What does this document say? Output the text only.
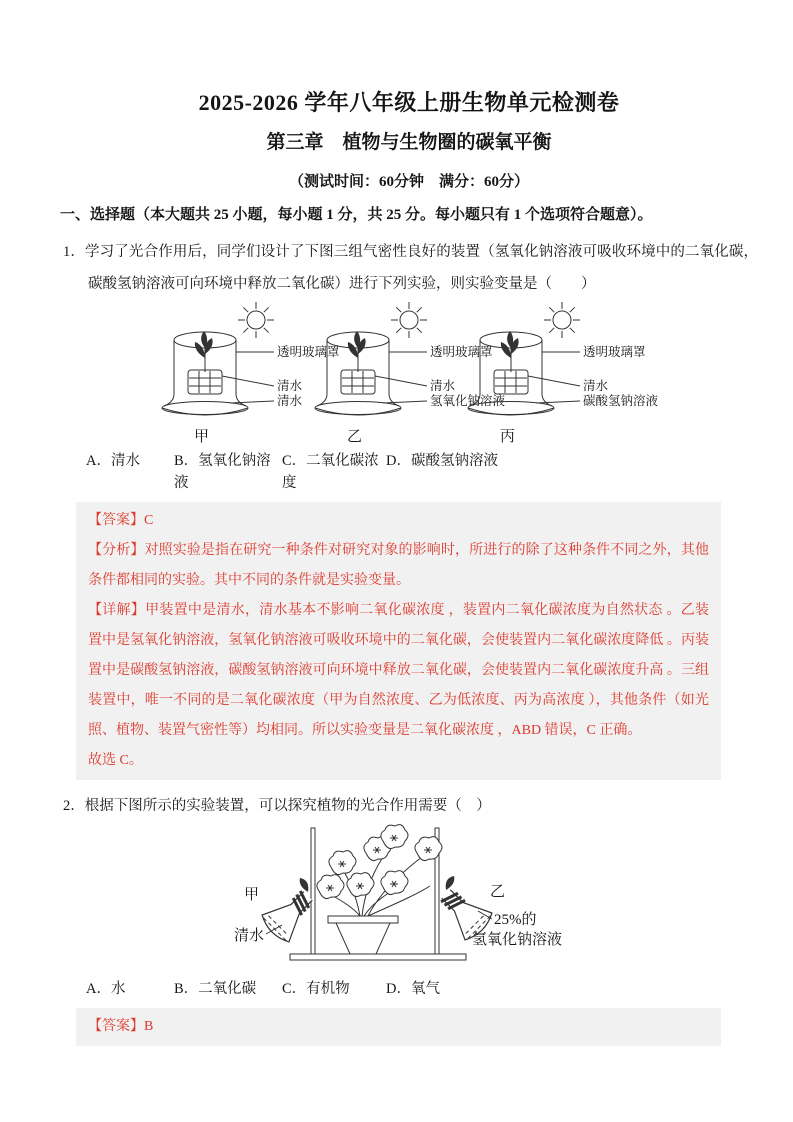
2025-2026 学年八年级上册生物单元检测卷
第三章　植物与生物圈的碳氧平衡
（测试时间：60分钟　满分：60分）
一、选择题（本大题共 25 小题，每小题 1 分，共 25 分。每小题只有 1 个选项符合题意）。

1．学习了光合作用后，同学们设计了下图三组气密性良好的装置（氢氧化钠溶液可吸收环境中的二氧化碳，碳酸氢钠溶液可向环境中释放二氧化碳）进行下列实验，则实验变量是（　　）

透明玻璃罩
清水
清水
甲
透明玻璃罩
清水
氢氧化钠溶液
乙
透明玻璃罩
清水
碳酸氢钠溶液
丙
A．清水	B．氢氧化钠溶液
C．二氧化碳浓度
D．碳酸氢钠溶液

【答案】C

【分析】对照实验是指在研究一种条件对研究对象的影响时，所进行的除了这种条件不同之外，其他条件都相同的实验。其中不同的条件就是实验变量。

【详解】甲装置中是清水，清水基本不影响二氧化碳浓度 ，装置内二氧化碳浓度为自然状态 。乙装置中是氢氧化钠溶液，氢氧化钠溶液可吸收环境中的二氧化碳，会使装置内二氧化碳浓度降低 。丙装置中是碳酸氢钠溶液，碳酸氢钠溶液可向环境中释放二氧化碳，会使装置内二氧化碳浓度升高 。三组装置中，唯一不同的是二氧化碳浓度（甲为自然浓度、乙为低浓度、丙为高浓度 ），其他条件（如光照、植物、装置气密性等）均相同。所以实验变量是二氧化碳浓度 ，ABD 错误，C 正确。

故选 C。

2．根据下图所示的实验装置，可以探究植物的光合作用需要（　）

甲	乙
清水
25%的
氢氧化钠溶液
A．水	B．二氧化碳	C．有机物	D．氧气

【答案】B
